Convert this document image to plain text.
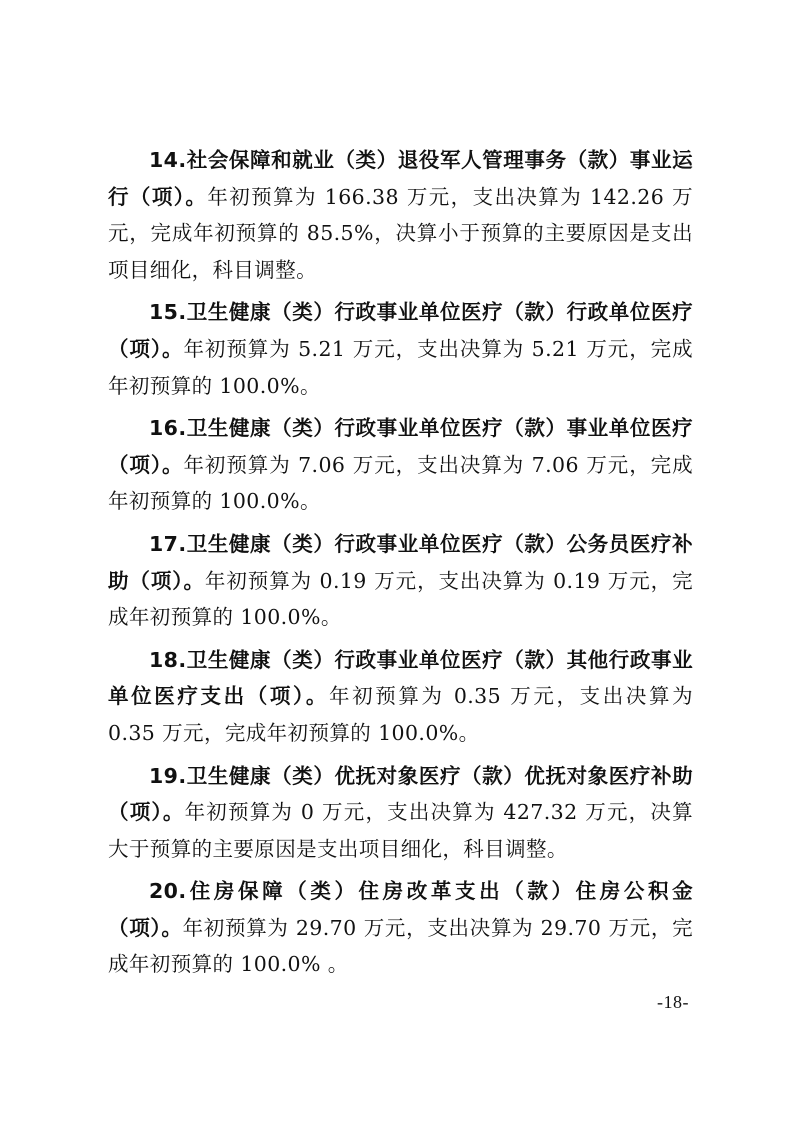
14.社会保障和就业（类）退役军人管理事务（款）事业运行（项）。年初预算为 166.38 万元，支出决算为 142.26 万元，完成年初预算的 85.5%，决算小于预算的主要原因是支出项目细化，科目调整。

15.卫生健康（类）行政事业单位医疗（款）行政单位医疗（项）。年初预算为 5.21 万元，支出决算为 5.21 万元，完成年初预算的 100.0%。

16.卫生健康（类）行政事业单位医疗（款）事业单位医疗（项）。年初预算为 7.06 万元，支出决算为 7.06 万元，完成年初预算的 100.0%。

17.卫生健康（类）行政事业单位医疗（款）公务员医疗补助（项）。年初预算为 0.19 万元，支出决算为 0.19 万元，完成年初预算的 100.0%。

18.卫生健康（类）行政事业单位医疗（款）其他行政事业单位医疗支出（项）。年初预算为 0.35 万元，支出决算为 0.35 万元，完成年初预算的 100.0%。

19.卫生健康（类）优抚对象医疗（款）优抚对象医疗补助（项）。年初预算为 0 万元，支出决算为 427.32 万元，决算大于预算的主要原因是支出项目细化，科目调整。

20.住房保障（类）住房改革支出（款）住房公积金（项）。年初预算为 29.70 万元，支出决算为 29.70 万元，完成年初预算的 100.0% 。

-18-
